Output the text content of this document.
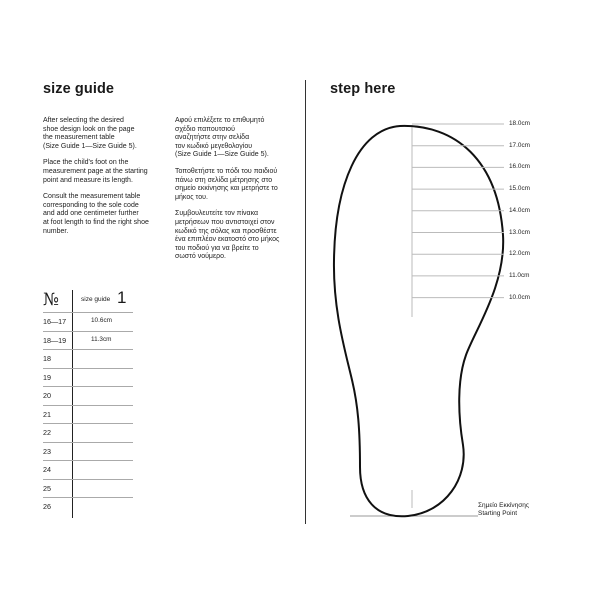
size guide

After selecting the desired
shoe design look on the page
the measurement table
(Size Guide 1—Size Guide 5).

Place the child's foot on the
measurement page at the starting
point and measure its length.

Consult the measurement table
corresponding to the sole code
and add one centimeter further
at foot length to find the right shoe
number.

Αφού επιλέξετε το επιθυμητό
σχέδιο παπουτσιού
αναζητήστε στην σελίδα
τον κωδικό μεγεθολογίου
(Size Guide 1—Size Guide 5).

Τοποθετήστε το πόδι του παιδιού
πάνω στη σελίδα μέτρησης στο
σημείο εκκίνησης και μετρήστε το
μήκος του.

Συμβουλευτείτε τον πίνακα
μετρήσεων που αντιστοιχεί στον
κωδικό της σόλας και προσθέστε
ένα επιπλέον εκατοστό στο μήκος
του ποδιού για να βρείτε το
σωστό νούμερο.

№	size guide 1
16—17	10.6cm
18—19	11.3cm
18
19
20
21
22
23
24
25
26
step here
18.0cm
17.0cm
16.0cm
15.0cm
14.0cm
13.0cm
12.0cm
11.0cm
10.0cm
Σημείο Εκκίνησης
Starting Point
